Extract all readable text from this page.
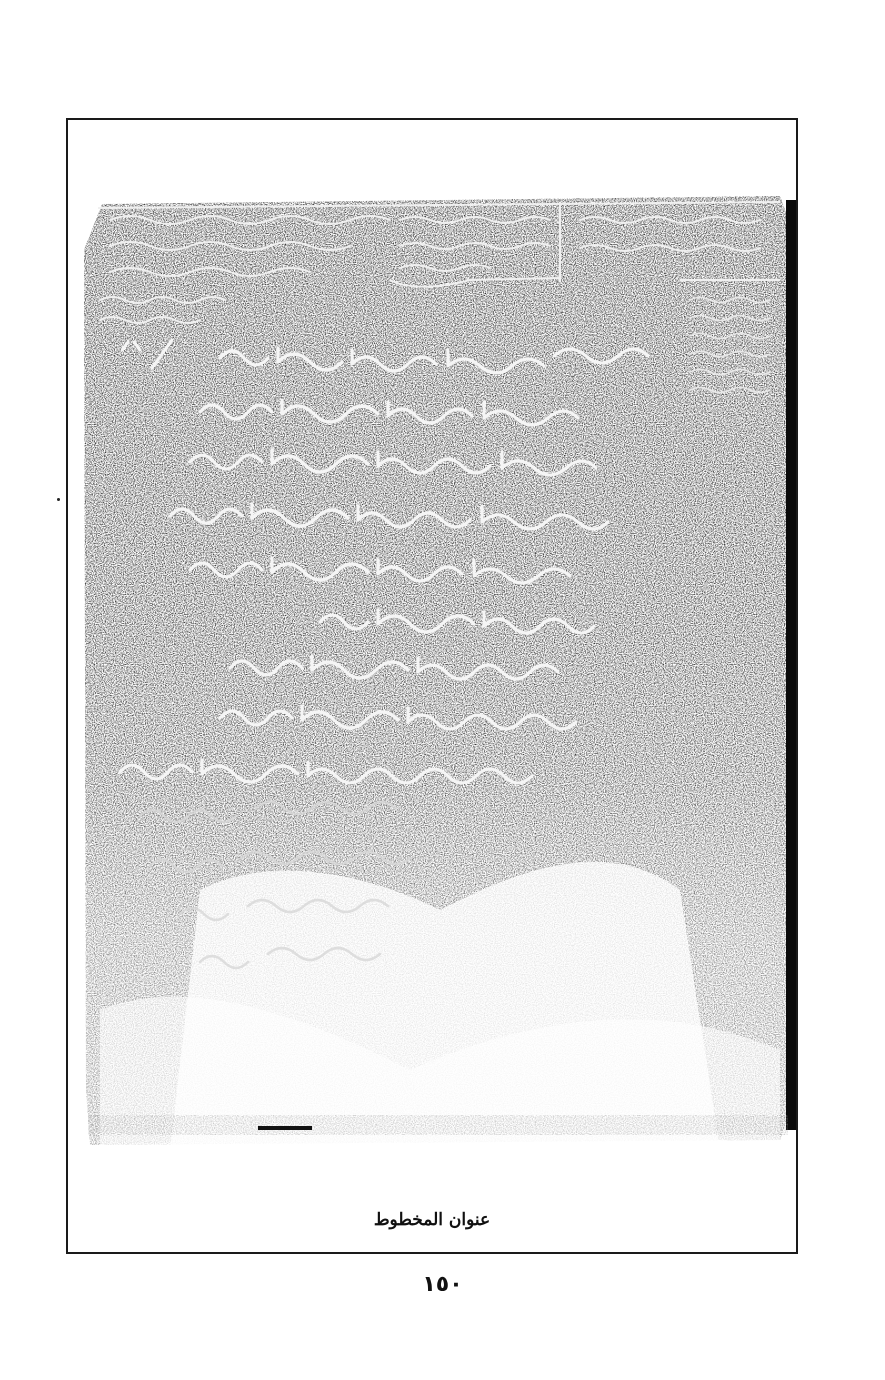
عنوان المخطوط
١٥٠
